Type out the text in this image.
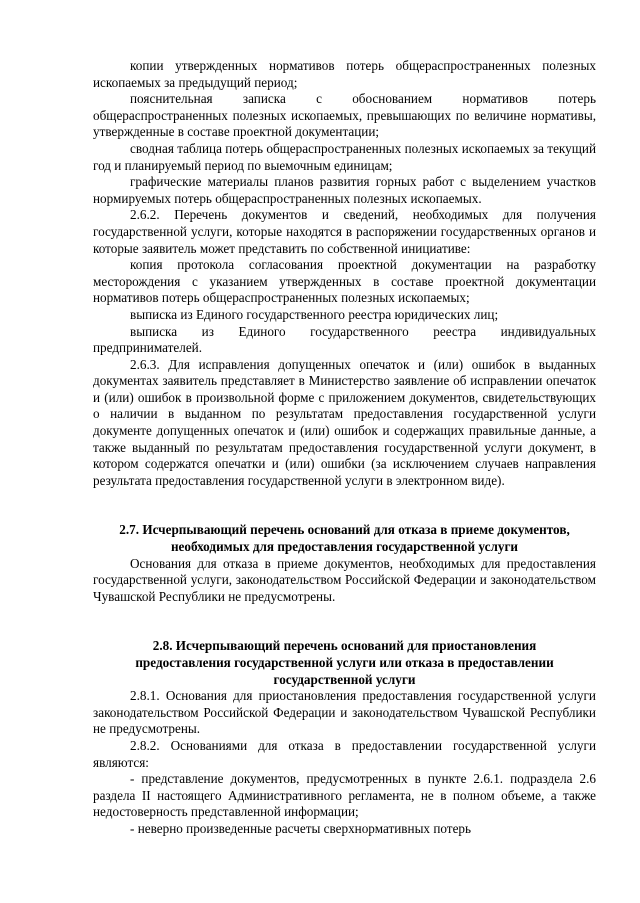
копии утвержденных нормативов потерь общераспространенных полезных ископаемых за предыдущий период;

пояснительная записка с обоснованием нормативов потерь общераспространенных полезных ископаемых, превышающих по величине нормативы, утвержденные в составе проектной документации;

сводная таблица потерь общераспространенных полезных ископаемых за текущий год и планируемый период по выемочным единицам;

графические материалы планов развития горных работ с выделением участков нормируемых потерь общераспространенных полезных ископаемых.

2.6.2. Перечень документов и сведений, необходимых для получения государственной услуги, которые находятся в распоряжении государственных органов и которые заявитель может представить по собственной инициативе:

копия протокола согласования проектной документации на разработку месторождения с указанием утвержденных в составе проектной документации нормативов потерь общераспространенных полезных ископаемых;

выписка из Единого государственного реестра юридических лиц;

выписка из Единого государственного реестра индивидуальных предпринимателей.

2.6.3. Для исправления допущенных опечаток и (или) ошибок в выданных документах заявитель представляет в Министерство заявление об исправлении опечаток и (или) ошибок в произвольной форме с приложением документов, свидетельствующих о наличии в выданном по результатам предоставления государственной услуги документе допущенных опечаток и (или) ошибок и содержащих правильные данные, а также выданный по результатам предоставления государственной услуги документ, в котором содержатся опечатки и (или) ошибки (за исключением случаев направления результата предоставления государственной услуги в электронном виде).

2.7. Исчерпывающий перечень оснований для отказа в приеме документов,
необходимых для предоставления государственной услуги

Основания для отказа в приеме документов, необходимых для предоставления государственной услуги, законодательством Российской Федерации и законодательством Чувашской Республики не предусмотрены.

2.8. Исчерпывающий перечень оснований для приостановления
предоставления государственной услуги или отказа в предоставлении
государственной услуги

2.8.1. Основания для приостановления предоставления государственной услуги законодательством Российской Федерации и законодательством Чувашской Республики не предусмотрены.

2.8.2. Основаниями для отказа в предоставлении государственной услуги являются:

- представление документов, предусмотренных в пункте 2.6.1. подраздела 2.6 раздела II настоящего Административного регламента, не в полном объеме, а также недостоверность представленной информации;

- неверно произведенные расчеты сверхнормативных потерь
